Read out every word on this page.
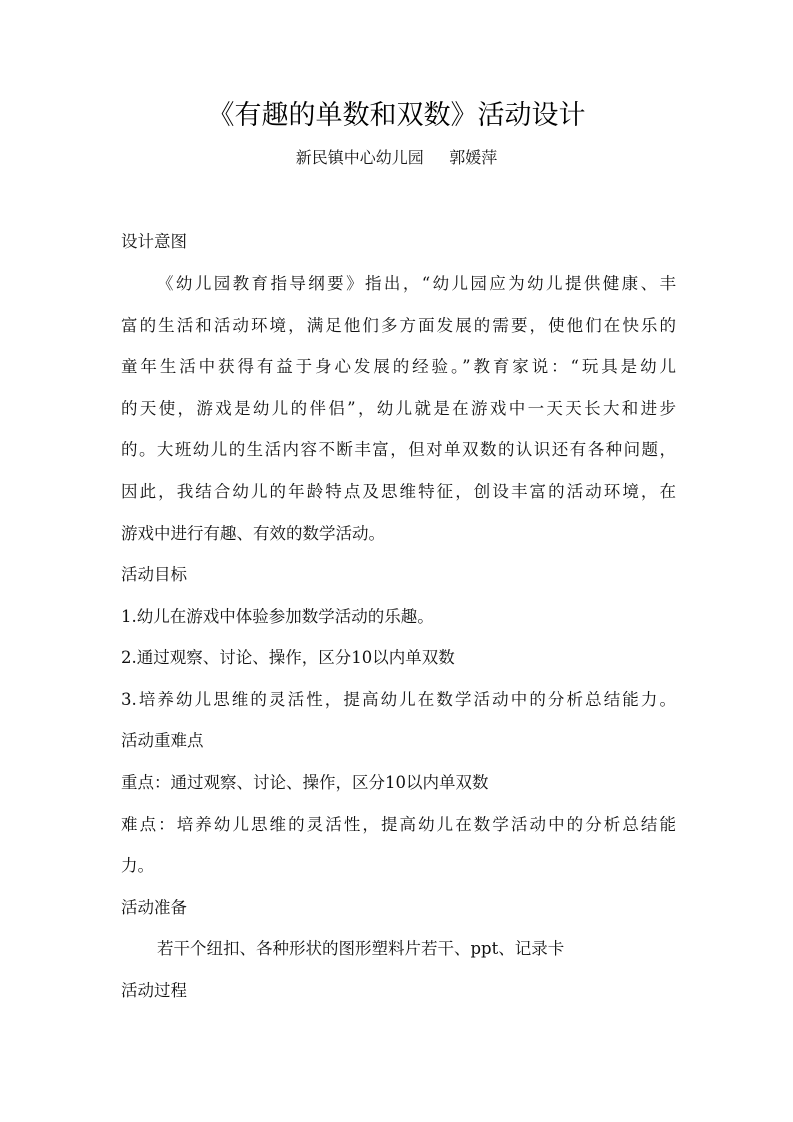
《有趣的单数和双数》活动设计
新民镇中心幼儿园     郭媛萍
设计意图
《幼儿园教育指导纲要》指出，“幼儿园应为幼儿提供健康、丰
富的生活和活动环境，满足他们多方面发展的需要，使他们在快乐的
童年生活中获得有益于身心发展的经验。”教育家说：“玩具是幼儿
的天使，游戏是幼儿的伴侣”，幼儿就是在游戏中一天天长大和进步
的。大班幼儿的生活内容不断丰富，但对单双数的认识还有各种问题，
因此，我结合幼儿的年龄特点及思维特征，创设丰富的活动环境，在
游戏中进行有趣、有效的数学活动。
活动目标
1.幼儿在游戏中体验参加数学活动的乐趣。
2.通过观察、讨论、操作，区分10以内单双数
3.培养幼儿思维的灵活性，提高幼儿在数学活动中的分析总结能力。
活动重难点
重点：通过观察、讨论、操作，区分10以内单双数
难点：培养幼儿思维的灵活性，提高幼儿在数学活动中的分析总结能
力。
活动准备
若干个纽扣、各种形状的图形塑料片若干、ppt、记录卡
活动过程
